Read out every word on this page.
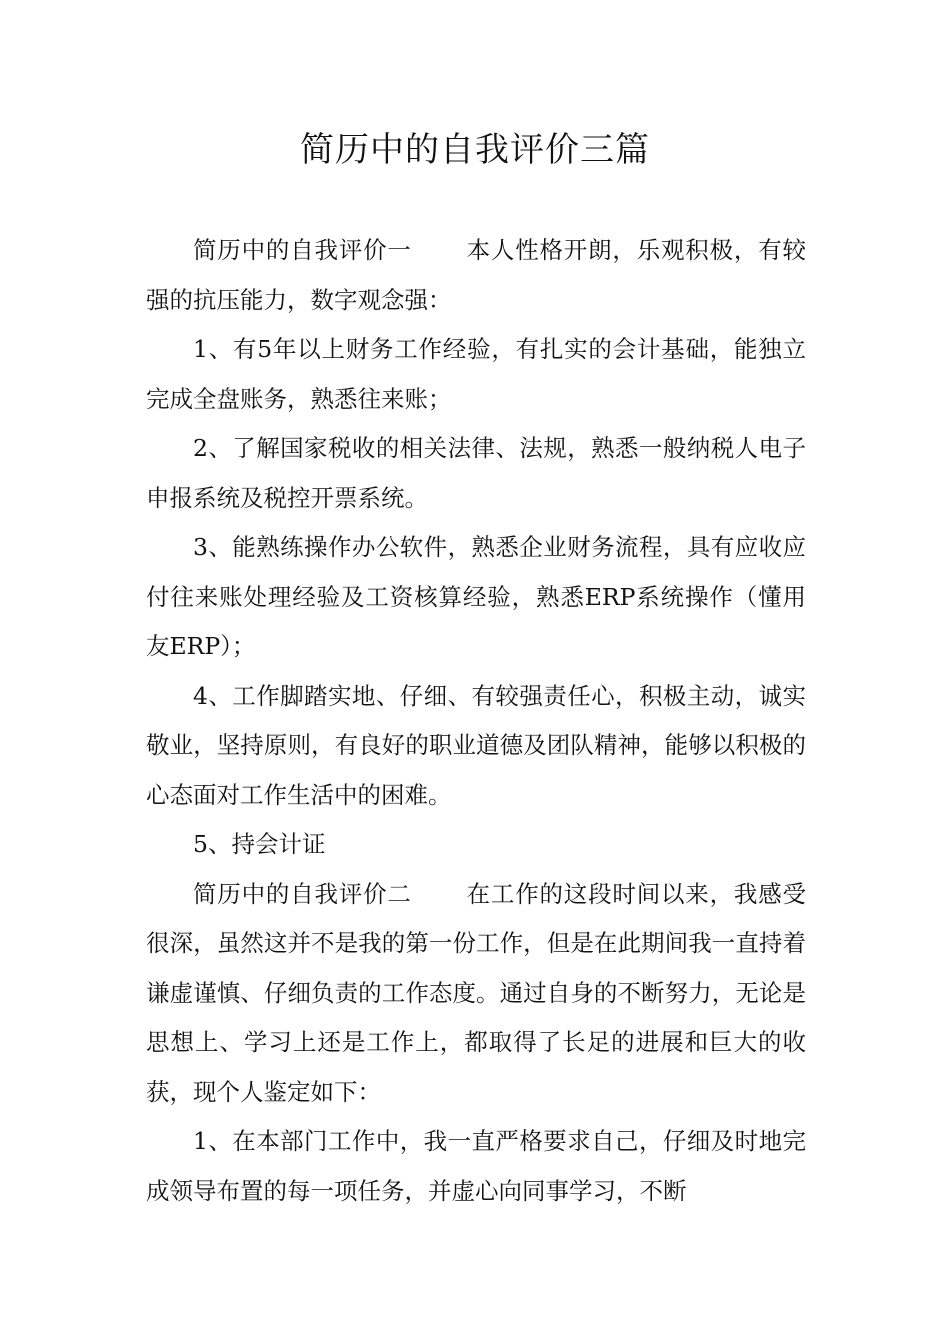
简历中的自我评价三篇

简历中的自我评价一 本人性格开朗，乐观积极，有较强的抗压能力，数字观念强：

1、有5年以上财务工作经验，有扎实的会计基础，能独立完成全盘账务，熟悉往来账；

2、了解国家税收的相关法律、法规，熟悉一般纳税人电子申报系统及税控开票系统。

3、能熟练操作办公软件，熟悉企业财务流程，具有应收应付往来账处理经验及工资核算经验，熟悉ERP系统操作（懂用友ERP）；

4、工作脚踏实地、仔细、有较强责任心，积极主动，诚实敬业，坚持原则，有良好的职业道德及团队精神，能够以积极的心态面对工作生活中的困难。

5、持会计证

简历中的自我评价二 在工作的这段时间以来，我感受很深，虽然这并不是我的第一份工作，但是在此期间我一直持着谦虚谨慎、仔细负责的工作态度。通过自身的不断努力，无论是思想上、学习上还是工作上，都取得了长足的进展和巨大的收获，现个人鉴定如下：

1、在本部门工作中，我一直严格要求自己，仔细及时地完成领导布置的每一项任务，并虚心向同事学习，不断
